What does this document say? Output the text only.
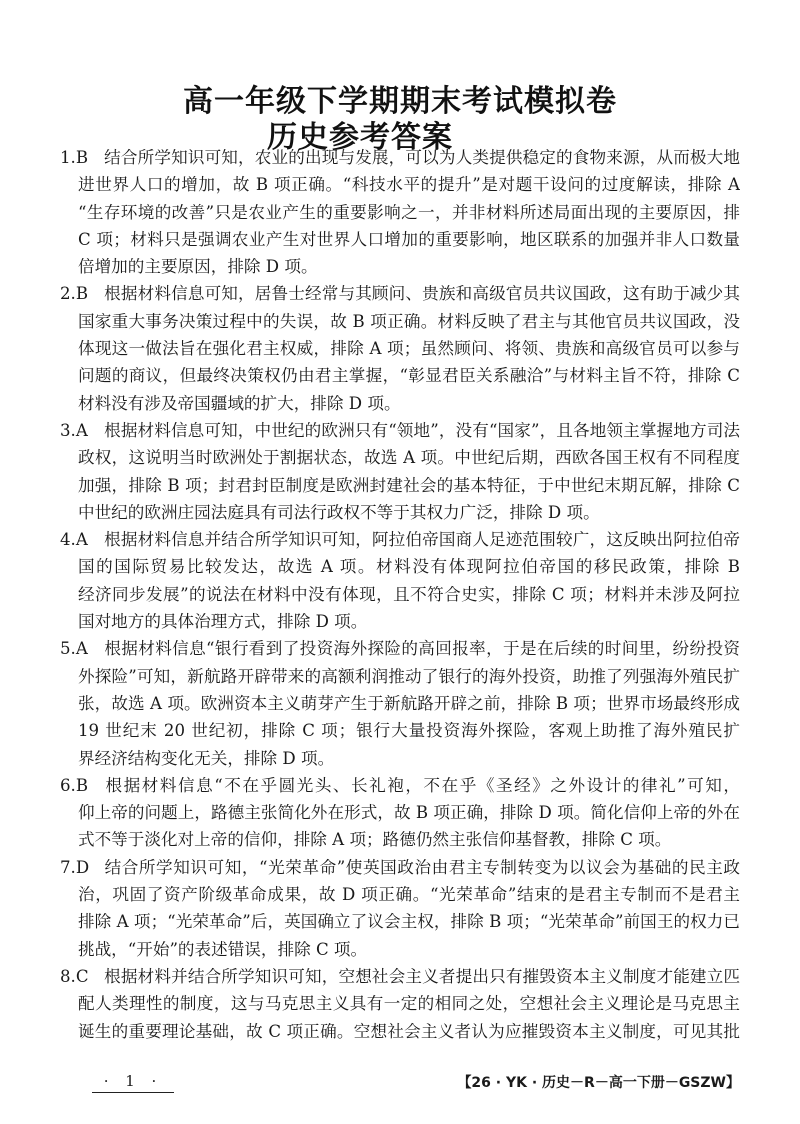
高一年级下学期期末考试模拟卷
历史参考答案
1.B 结合所学知识可知，农业的出现与发展，可以为人类提供稳定的食物来源，从而极大地
进世界人口的增加，故 B 项正确。“科技水平的提升”是对题干设问的过度解读，排除 A
“生存环境的改善”只是农业产生的重要影响之一，并非材料所述局面出现的主要原因，排
C 项；材料只是强调农业产生对世界人口增加的重要影响，地区联系的加强并非人口数量
倍增加的主要原因，排除 D 项。
2.B 根据材料信息可知，居鲁士经常与其顾问、贵族和高级官员共议国政，这有助于减少其
国家重大事务决策过程中的失误，故 B 项正确。材料反映了君主与其他官员共议国政，没
体现这一做法旨在强化君主权威，排除 A 项；虽然顾问、将领、贵族和高级官员可以参与
问题的商议，但最终决策权仍由君主掌握，“彰显君臣关系融洽”与材料主旨不符，排除 C
材料没有涉及帝国疆域的扩大，排除 D 项。
3.A 根据材料信息可知，中世纪的欧洲只有“领地”，没有“国家”，且各地领主掌握地方司法
政权，这说明当时欧洲处于割据状态，故选 A 项。中世纪后期，西欧各国王权有不同程度
加强，排除 B 项；封君封臣制度是欧洲封建社会的基本特征，于中世纪末期瓦解，排除 C
中世纪的欧洲庄园法庭具有司法行政权不等于其权力广泛，排除 D 项。
4.A 根据材料信息并结合所学知识可知，阿拉伯帝国商人足迹范围较广，这反映出阿拉伯帝
国的国际贸易比较发达，故选 A 项。材料没有体现阿拉伯帝国的移民政策，排除 B
经济同步发展”的说法在材料中没有体现，且不符合史实，排除 C 项；材料并未涉及阿拉
国对地方的具体治理方式，排除 D 项。
5.A 根据材料信息“银行看到了投资海外探险的高回报率，于是在后续的时间里，纷纷投资
外探险”可知，新航路开辟带来的高额利润推动了银行的海外投资，助推了列强海外殖民扩
张，故选 A 项。欧洲资本主义萌芽产生于新航路开辟之前，排除 B 项；世界市场最终形成
19 世纪末 20 世纪初，排除 C 项；银行大量投资海外探险，客观上助推了海外殖民扩
界经济结构变化无关，排除 D 项。
6.B 根据材料信息“不在乎圆光头、长礼袍，不在乎《圣经》之外设计的律礼”可知，
仰上帝的问题上，路德主张简化外在形式，故 B 项正确，排除 D 项。简化信仰上帝的外在
式不等于淡化对上帝的信仰，排除 A 项；路德仍然主张信仰基督教，排除 C 项。
7.D 结合所学知识可知，“光荣革命”使英国政治由君主专制转变为以议会为基础的民主政
治，巩固了资产阶级革命成果，故 D 项正确。“光荣革命”结束的是君主专制而不是君主
排除 A 项；“光荣革命”后，英国确立了议会主权，排除 B 项；“光荣革命”前国王的权力已
挑战，“开始”的表述错误，排除 C 项。
8.C 根据材料并结合所学知识可知，空想社会主义者提出只有摧毁资本主义制度才能建立匹
配人类理性的制度，这与马克思主义具有一定的相同之处，空想社会主义理论是马克思主
诞生的重要理论基础，故 C 项正确。空想社会主义者认为应摧毁资本主义制度，可见其批
· 1 ·	【26 · YK · 历史－R－高一下册－GSZW】
